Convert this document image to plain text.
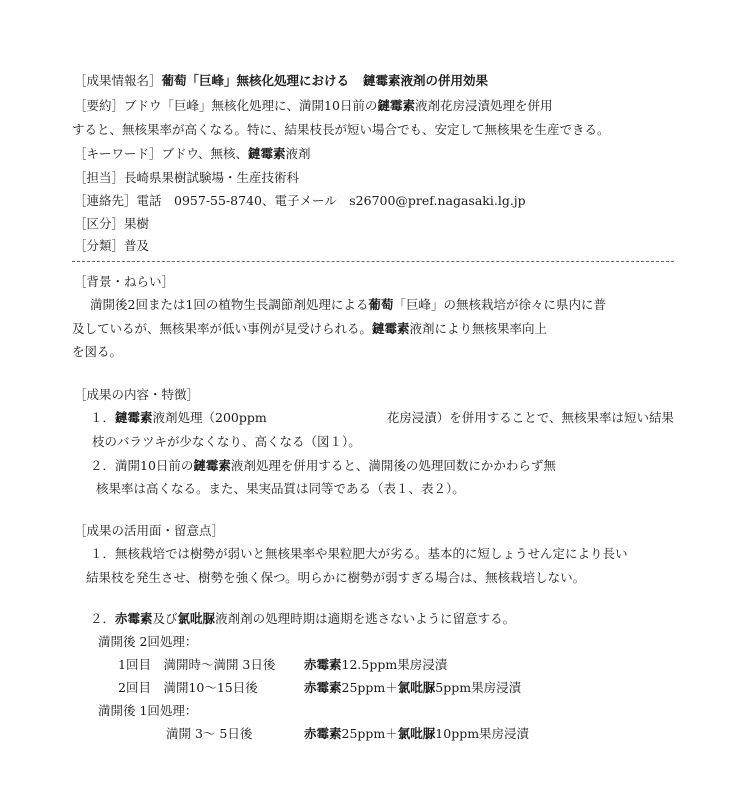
［成果情報名］葡萄「巨峰」無核化処理における 鏈霉素液剤の併用効果
［要約］ブドウ「巨峰」無核化処理に、満開10日前の鏈霉素液剤花房浸漬処理を併用
すると、無核果率が高くなる。特に、結果枝長が短い場合でも、安定して無核果を生産できる。
［キーワード］ブドウ、無核、鏈霉素液剤
［担当］長崎県果樹試験場・生産技術科
［連絡先］電話　0957-55-8740、電子メール　s26700@pref.nagasaki.lg.jp
［区分］果樹
［分類］普及
［背景・ねらい］
満開後2回または1回の植物生長調節剤処理による葡萄「巨峰」の無核栽培が徐々に県内に普
及しているが、無核果率が低い事例が見受けられる。鏈霉素液剤により無核果率向上
を図る。
［成果の内容・特徴］
１．鏈霉素液剤処理（200ppm	花房浸漬）を併用することで、無核果率は短い結果
枝のバラツキが少なくなり、高くなる（図１）。
２．満開10日前の鏈霉素液剤処理を併用すると、満開後の処理回数にかかわらず無
核果率は高くなる。また、果実品質は同等である（表１、表２）。
［成果の活用面・留意点］
１．無核栽培では樹勢が弱いと無核果率や果粒肥大が劣る。基本的に短しょうせん定により長い
結果枝を発生させ、樹勢を強く保つ。明らかに樹勢が弱すぎる場合は、無核栽培しない。
２．赤霉素及び氯吡脲液剤剤の処理時期は適期を逃さないように留意する。
満開後 2回処理：
1回目　満開時～満開 3日後 赤霉素12.5ppm果房浸漬
2回目　満開10～15日後	赤霉素25ppm＋氯吡脲5ppm果房浸漬
満開後 1回処理：
満開 3～ 5日後	赤霉素25ppm＋氯吡脲10ppm果房浸漬
